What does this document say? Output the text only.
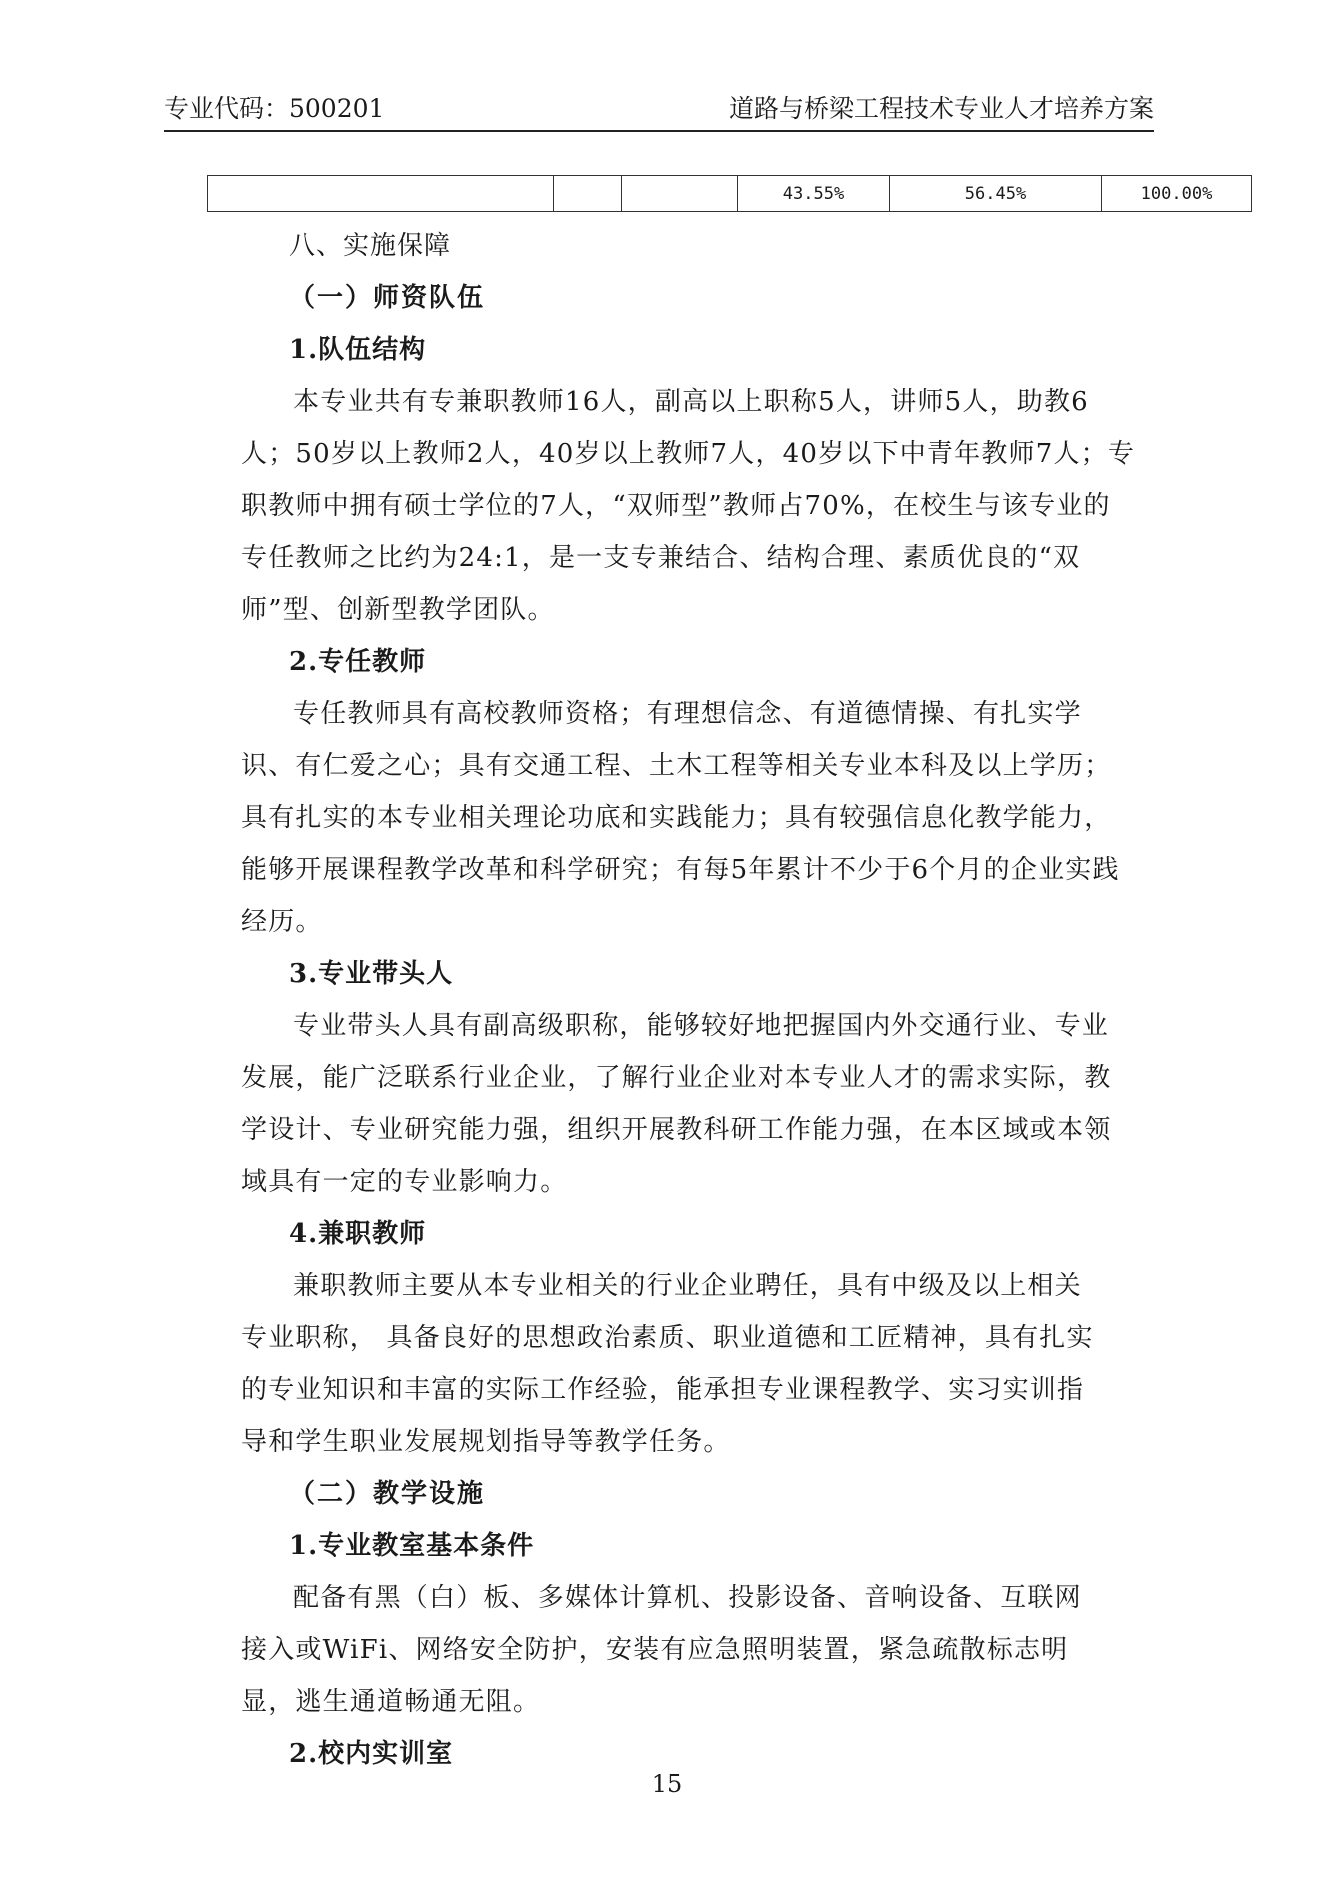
专业代码：500201	道路与桥梁工程技术专业人才培养方案
			43.55%	56.45%	100.00%
八、实施保障
（一）师资队伍
1.队伍结构
本专业共有专兼职教师16人，副高以上职称5人，讲师5人，助教6
人；50岁以上教师2人，40岁以上教师7人，40岁以下中青年教师7人；专
职教师中拥有硕士学位的7人，“双师型”教师占70%，在校生与该专业的
专任教师之比约为24:1，是一支专兼结合、结构合理、素质优良的“双
师”型、创新型教学团队。
2.专任教师
专任教师具有高校教师资格；有理想信念、有道德情操、有扎实学
识、有仁爱之心；具有交通工程、土木工程等相关专业本科及以上学历；
具有扎实的本专业相关理论功底和实践能力；具有较强信息化教学能力，
能够开展课程教学改革和科学研究；有每5年累计不少于6个月的企业实践
经历。
3.专业带头人
专业带头人具有副高级职称，能够较好地把握国内外交通行业、专业
发展，能广泛联系行业企业，了解行业企业对本专业人才的需求实际，教
学设计、专业研究能力强，组织开展教科研工作能力强，在本区域或本领
域具有一定的专业影响力。
4.兼职教师
兼职教师主要从本专业相关的行业企业聘任，具有中级及以上相关
专业职称， 具备良好的思想政治素质、职业道德和工匠精神，具有扎实
的专业知识和丰富的实际工作经验，能承担专业课程教学、实习实训指
导和学生职业发展规划指导等教学任务。
（二）教学设施
1.专业教室基本条件
配备有黑（白）板、多媒体计算机、投影设备、音响设备、互联网
接入或WiFi、网络安全防护，安装有应急照明装置，紧急疏散标志明
显，逃生通道畅通无阻。
2.校内实训室
15
